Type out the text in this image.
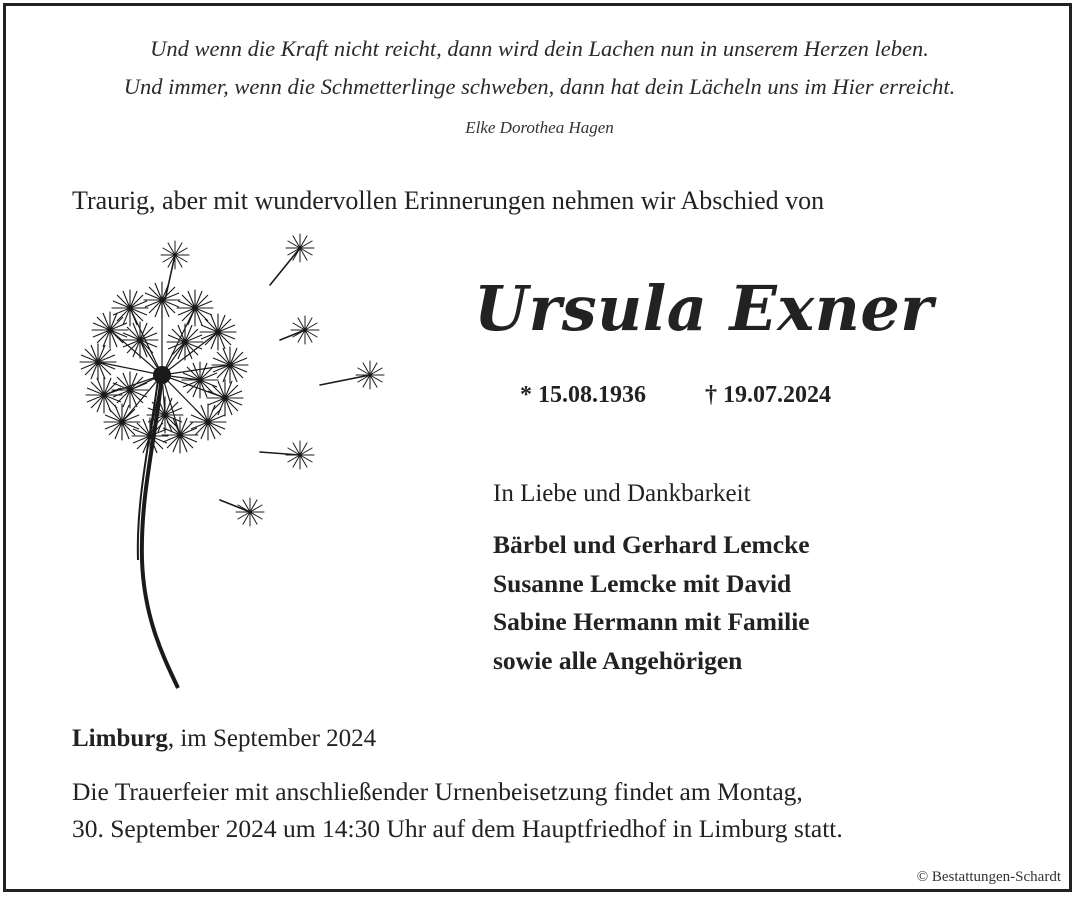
Und wenn die Kraft nicht reicht, dann wird dein Lachen nun in unserem Herzen leben.
Und immer, wenn die Schmetterlinge schweben, dann hat dein Lächeln uns im Hier erreicht.
Elke Dorothea Hagen
Traurig, aber mit wundervollen Erinnerungen nehmen wir Abschied von
Ursula Exner
* 15.08.1936 † 19.07.2024
In Liebe und Dankbarkeit
Bärbel und Gerhard Lemcke
Susanne Lemcke mit David
Sabine Hermann mit Familie
sowie alle Angehörigen
Limburg, im September 2024
Die Trauerfeier mit anschließender Urnenbeisetzung findet am Montag,
30. September 2024 um 14:30 Uhr auf dem Hauptfriedhof in Limburg statt.
© Bestattungen-Schardt
